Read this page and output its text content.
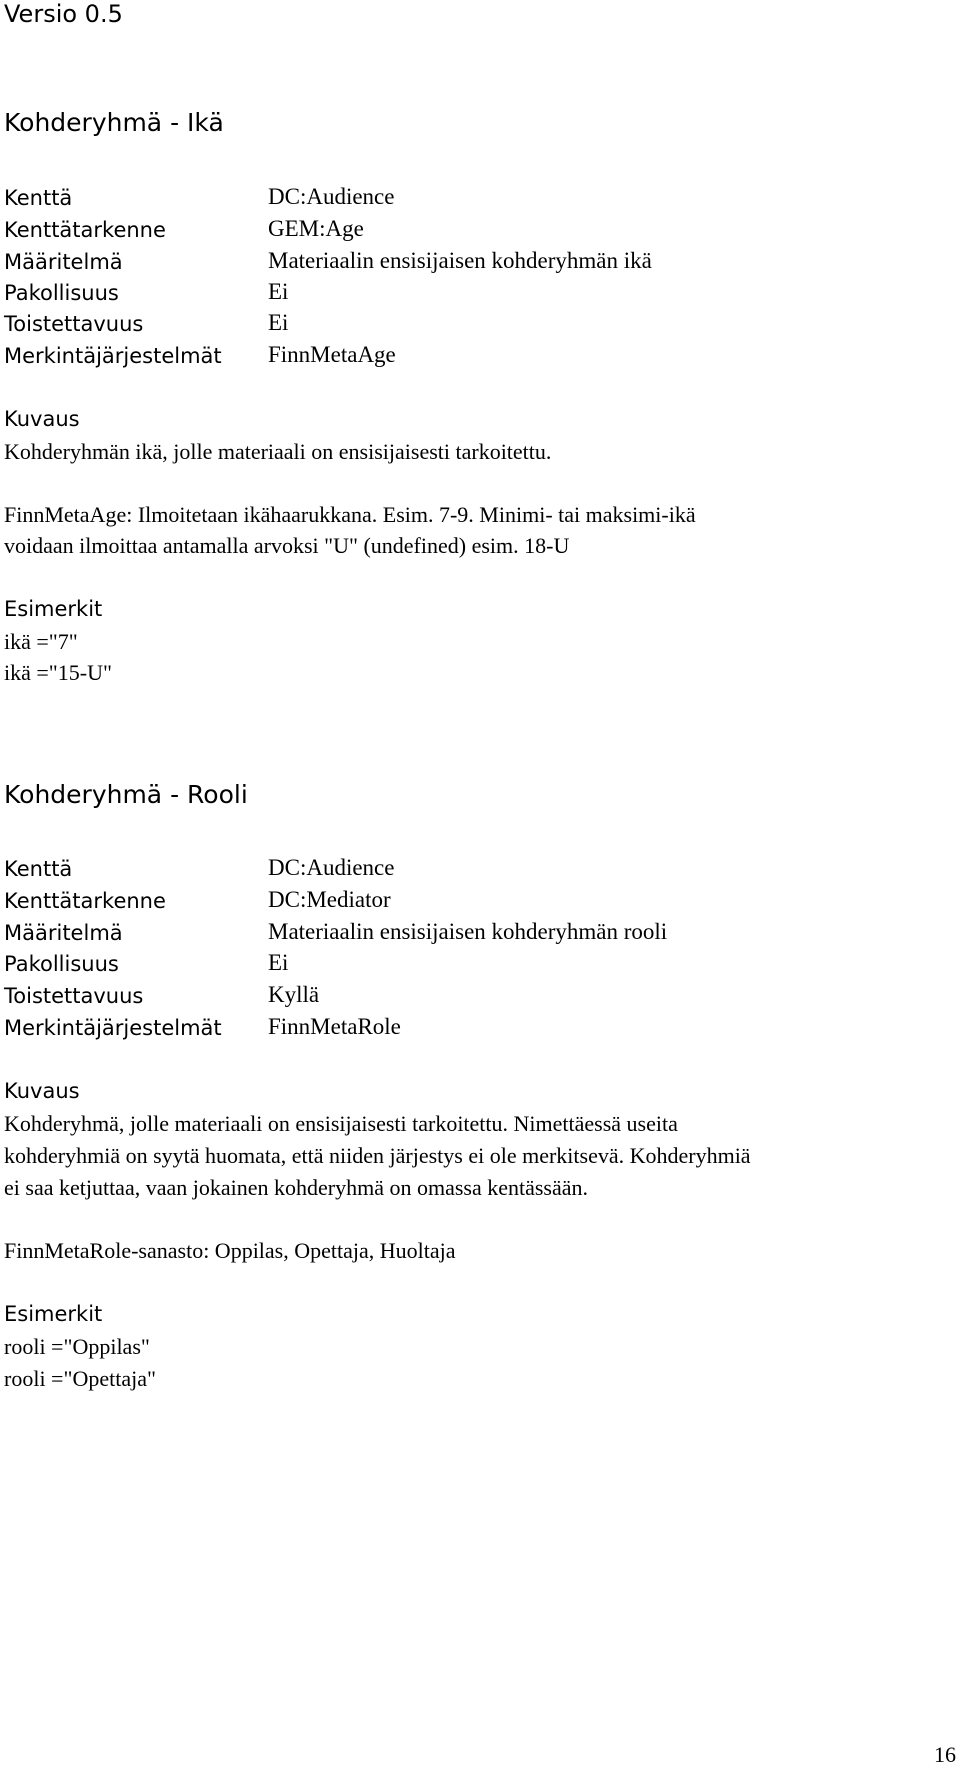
Versio 0.5
Kohderyhmä - Ikä
Kenttä	DC:Audience
Kenttätarkenne	GEM:Age
Määritelmä	Materiaalin ensisijaisen kohderyhmän ikä
Pakollisuus	Ei
Toistettavuus	Ei
Merkintäjärjestelmät FinnMetaAge
Kuvaus
Kohderyhmän ikä, jolle materiaali on ensisijaisesti tarkoitettu.
FinnMetaAge: Ilmoitetaan ikähaarukkana. Esim. 7-9. Minimi- tai maksimi-ikä
voidaan ilmoittaa antamalla arvoksi "U" (undefined) esim. 18-U
Esimerkit
ikä ="7"
ikä ="15-U"
Kohderyhmä - Rooli
Kenttä	DC:Audience
Kenttätarkenne	DC:Mediator
Määritelmä	Materiaalin ensisijaisen kohderyhmän rooli
Pakollisuus	Ei
Toistettavuus	Kyllä
Merkintäjärjestelmät FinnMetaRole
Kuvaus
Kohderyhmä, jolle materiaali on ensisijaisesti tarkoitettu. Nimettäessä useita
kohderyhmiä on syytä huomata, että niiden järjestys ei ole merkitsevä. Kohderyhmiä
ei saa ketjuttaa, vaan jokainen kohderyhmä on omassa kentässään.
FinnMetaRole-sanasto: Oppilas, Opettaja, Huoltaja
Esimerkit
rooli ="Oppilas"
rooli ="Opettaja"
16
